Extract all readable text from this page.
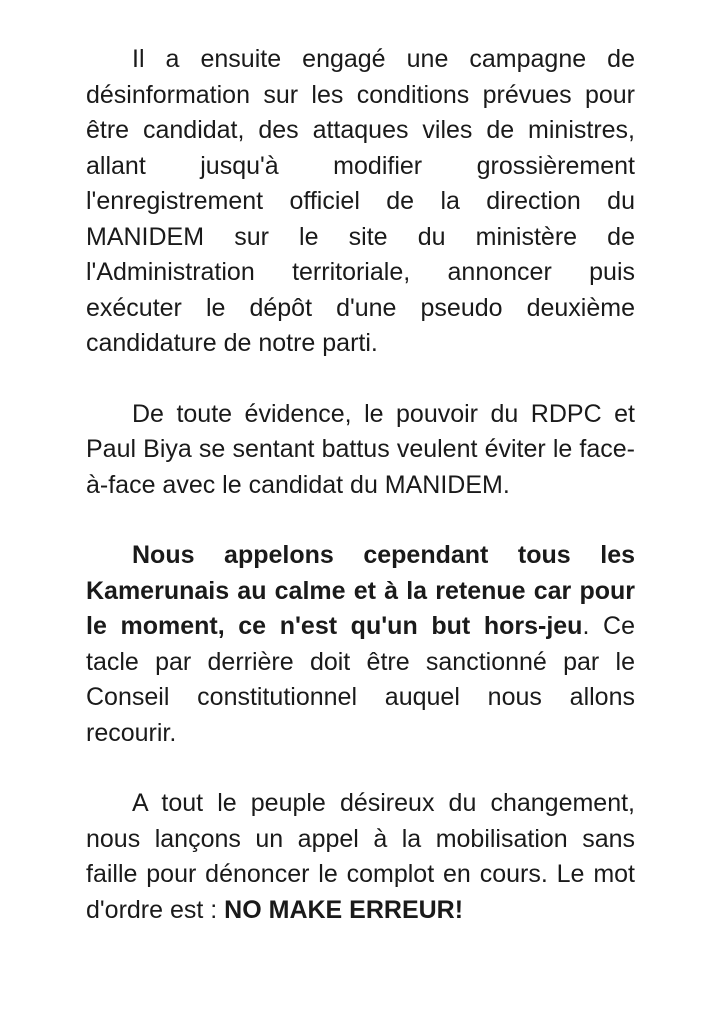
Il a ensuite engagé une campagne de désinformation sur les conditions prévues pour être candidat, des attaques viles de ministres, allant jusqu'à modifier grossièrement l'enregistrement officiel de la direction du MANIDEM sur le site du ministère de l'Administration territoriale, annoncer puis exécuter le dépôt d'une pseudo deuxième candidature de notre parti.

De toute évidence, le pouvoir du RDPC et Paul Biya se sentant battus veulent éviter le face-à-face avec le candidat du MANIDEM.

Nous appelons cependant tous les Kamerunais au calme et à la retenue car pour le moment, ce n'est qu'un but hors-jeu. Ce tacle par derrière doit être sanctionné par le Conseil constitutionnel auquel nous allons recourir.

A tout le peuple désireux du changement, nous lançons un appel à la mobilisation sans faille pour dénoncer le complot en cours. Le mot d'ordre est : NO MAKE ERREUR!
